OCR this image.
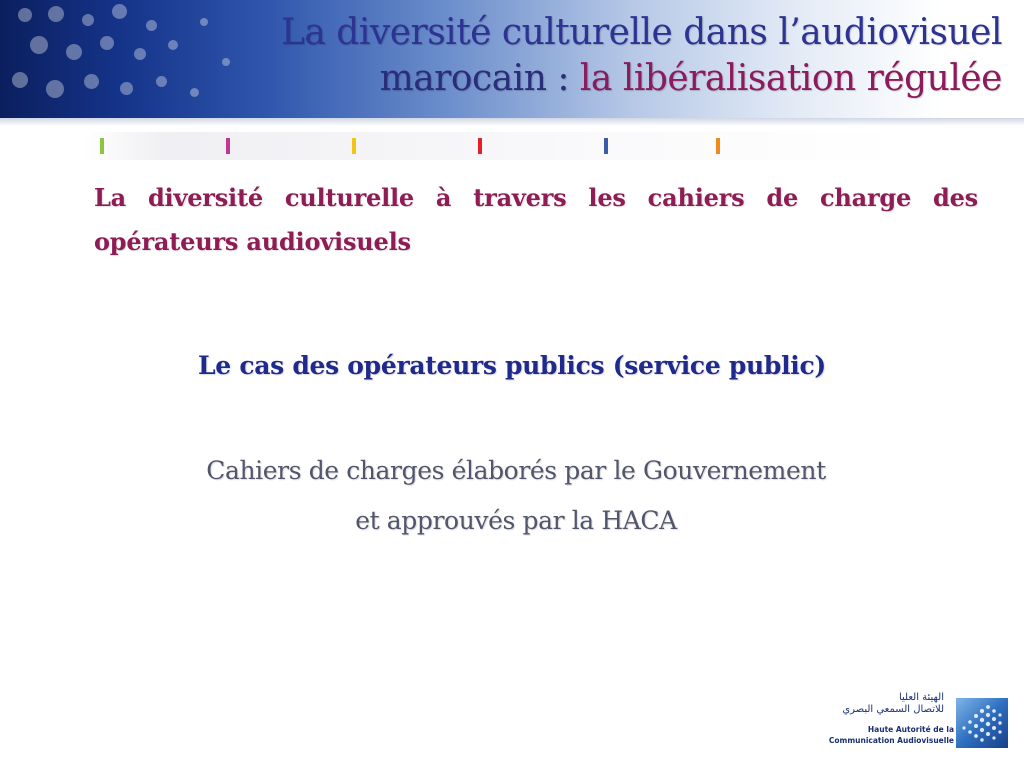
La diversité culturelle dans l’audiovisuel
marocain : la libéralisation régulée
La diversité culturelle à travers les cahiers de charge des
opérateurs audiovisuels
Le cas des opérateurs publics (service public)
Cahiers de charges élaborés par le Gouvernement
et approuvés par la HACA
الهيئة العليا
للاتصال السمعي البصري
Haute Autorité de la
Communication Audiovisuelle
